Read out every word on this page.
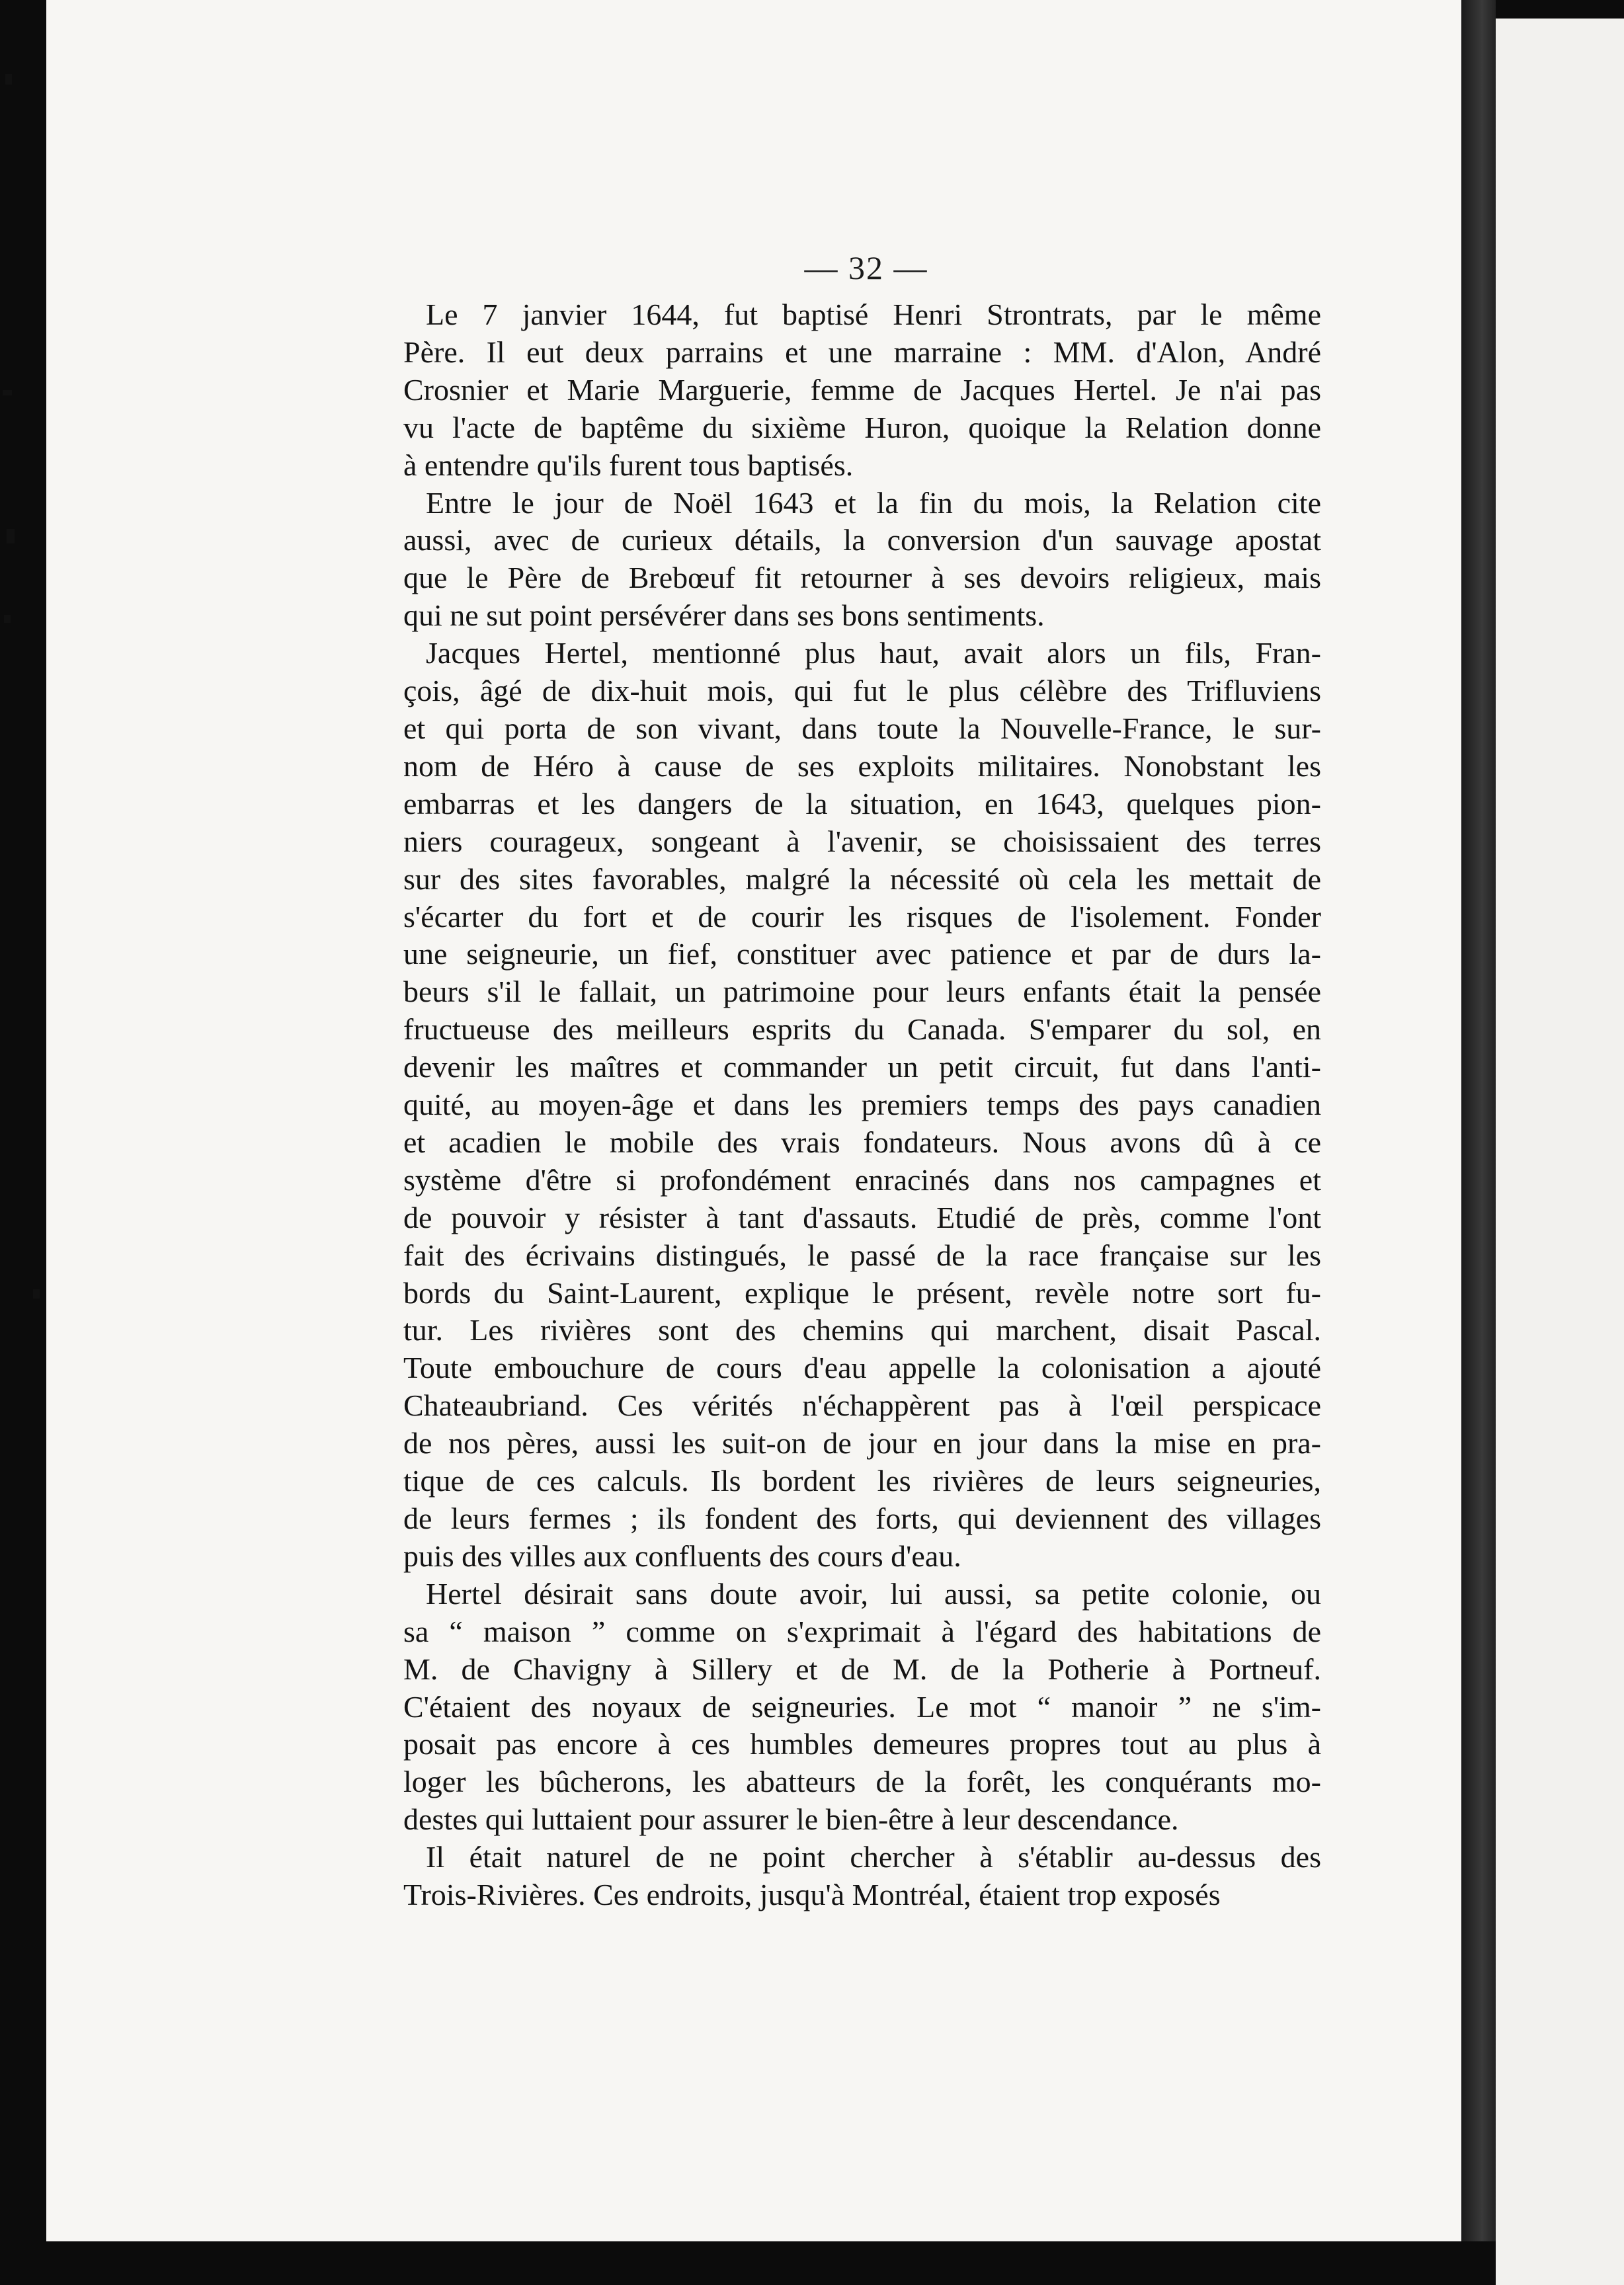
— 32 —

Le 7 janvier 1644, fut baptisé Henri Strontrats, par le même
Père. Il eut deux parrains et une marraine : MM. d'Alon, André
Crosnier et Marie Marguerie, femme de Jacques Hertel. Je n'ai pas
vu l'acte de baptême du sixième Huron, quoique la Relation donne
à entendre qu'ils furent tous baptisés.

Entre le jour de Noël 1643 et la fin du mois, la Relation cite
aussi, avec de curieux détails, la conversion d'un sauvage apostat
que le Père de Brebœuf fit retourner à ses devoirs religieux, mais
qui ne sut point persévérer dans ses bons sentiments.

Jacques Hertel, mentionné plus haut, avait alors un fils, Fran-
çois, âgé de dix-huit mois, qui fut le plus célèbre des Trifluviens
et qui porta de son vivant, dans toute la Nouvelle-France, le sur-
nom de Héro à cause de ses exploits militaires. Nonobstant les
embarras et les dangers de la situation, en 1643, quelques pion-
niers courageux, songeant à l'avenir, se choisissaient des terres
sur des sites favorables, malgré la nécessité où cela les mettait de
s'écarter du fort et de courir les risques de l'isolement. Fonder
une seigneurie, un fief, constituer avec patience et par de durs la-
beurs s'il le fallait, un patrimoine pour leurs enfants était la pensée
fructueuse des meilleurs esprits du Canada. S'emparer du sol, en
devenir les maîtres et commander un petit circuit, fut dans l'anti-
quité, au moyen-âge et dans les premiers temps des pays canadien
et acadien le mobile des vrais fondateurs. Nous avons dû à ce
système d'être si profondément enracinés dans nos campagnes et
de pouvoir y résister à tant d'assauts. Etudié de près, comme l'ont
fait des écrivains distingués, le passé de la race française sur les
bords du Saint-Laurent, explique le présent, revèle notre sort fu-
tur. Les rivières sont des chemins qui marchent, disait Pascal.
Toute embouchure de cours d'eau appelle la colonisation a ajouté
Chateaubriand. Ces vérités n'échappèrent pas à l'œil perspicace
de nos pères, aussi les suit-on de jour en jour dans la mise en pra-
tique de ces calculs. Ils bordent les rivières de leurs seigneuries,
de leurs fermes ; ils fondent des forts, qui deviennent des villages
puis des villes aux confluents des cours d'eau.

Hertel désirait sans doute avoir, lui aussi, sa petite colonie, ou
sa “ maison ” comme on s'exprimait à l'égard des habitations de
M. de Chavigny à Sillery et de M. de la Potherie à Portneuf.
C'étaient des noyaux de seigneuries. Le mot “ manoir ” ne s'im-
posait pas encore à ces humbles demeures propres tout au plus à
loger les bûcherons, les abatteurs de la forêt, les conquérants mo-
destes qui luttaient pour assurer le bien-être à leur descendance.

Il était naturel de ne point chercher à s'établir au-dessus des
Trois-Rivières. Ces endroits, jusqu'à Montréal, étaient trop exposés
